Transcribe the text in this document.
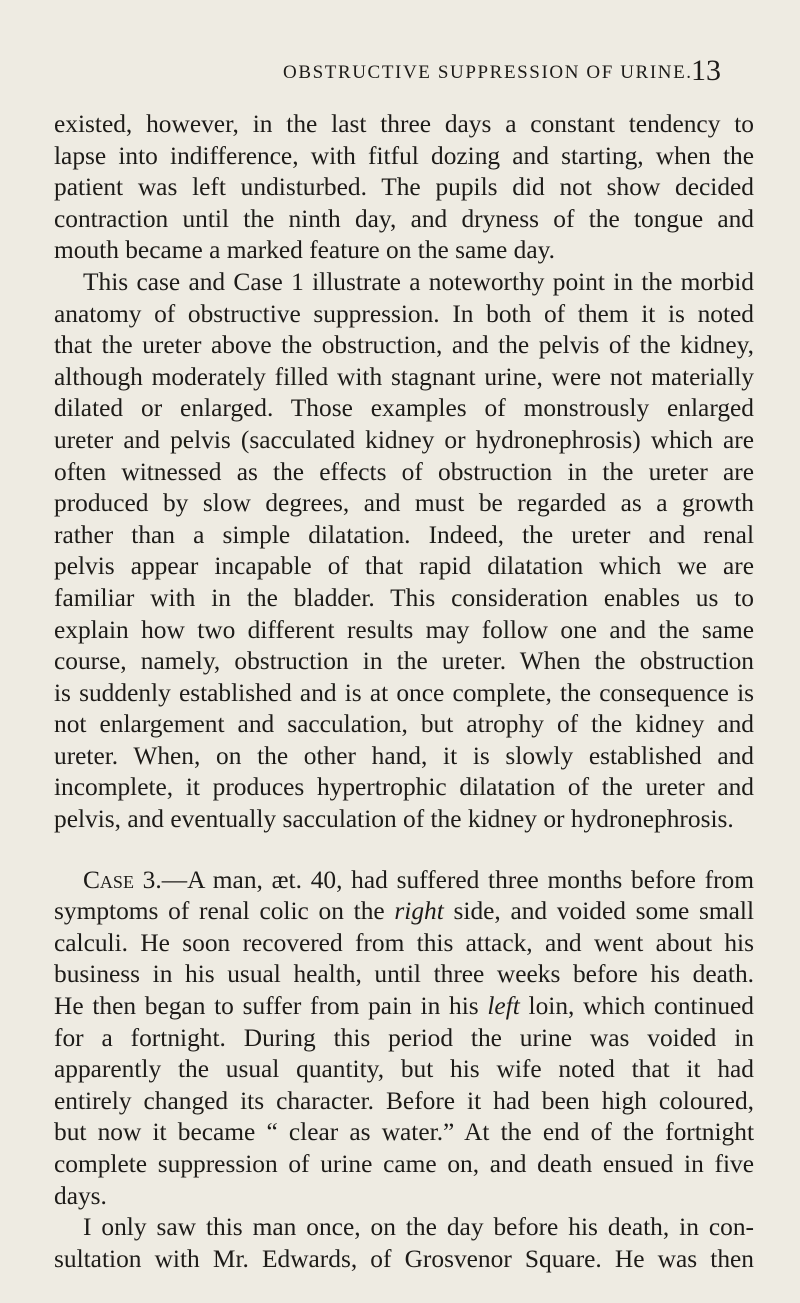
OBSTRUCTIVE SUPPRESSION OF URINE.
13
existed, however, in the last three days a constant tendency to
lapse into indifference, with fitful dozing and starting, when the
patient was left undisturbed. The pupils did not show decided
contraction until the ninth day, and dryness of the tongue and
mouth became a marked feature on the same day.
This case and Case 1 illustrate a noteworthy point in the morbid
anatomy of obstructive suppression. In both of them it is noted
that the ureter above the obstruction, and the pelvis of the kidney,
although moderately filled with stagnant urine, were not materially
dilated or enlarged. Those examples of monstrously enlarged
ureter and pelvis (sacculated kidney or hydronephrosis) which are
often witnessed as the effects of obstruction in the ureter are
produced by slow degrees, and must be regarded as a growth
rather than a simple dilatation. Indeed, the ureter and renal
pelvis appear incapable of that rapid dilatation which we are
familiar with in the bladder. This consideration enables us to
explain how two different results may follow one and the same
course, namely, obstruction in the ureter. When the obstruction
is suddenly established and is at once complete, the consequence is
not enlargement and sacculation, but atrophy of the kidney and
ureter. When, on the other hand, it is slowly established and
incomplete, it produces hypertrophic dilatation of the ureter and
pelvis, and eventually sacculation of the kidney or hydronephrosis.
Case 3.—A man, æt. 40, had suffered three months before from
symptoms of renal colic on the right side, and voided some small
calculi. He soon recovered from this attack, and went about his
business in his usual health, until three weeks before his death.
He then began to suffer from pain in his left loin, which continued
for a fortnight. During this period the urine was voided in
apparently the usual quantity, but his wife noted that it had
entirely changed its character. Before it had been high coloured,
but now it became “ clear as water.” At the end of the fortnight
complete suppression of urine came on, and death ensued in five
days.
I only saw this man once, on the day before his death, in con-
sultation with Mr. Edwards, of Grosvenor Square. He was then
